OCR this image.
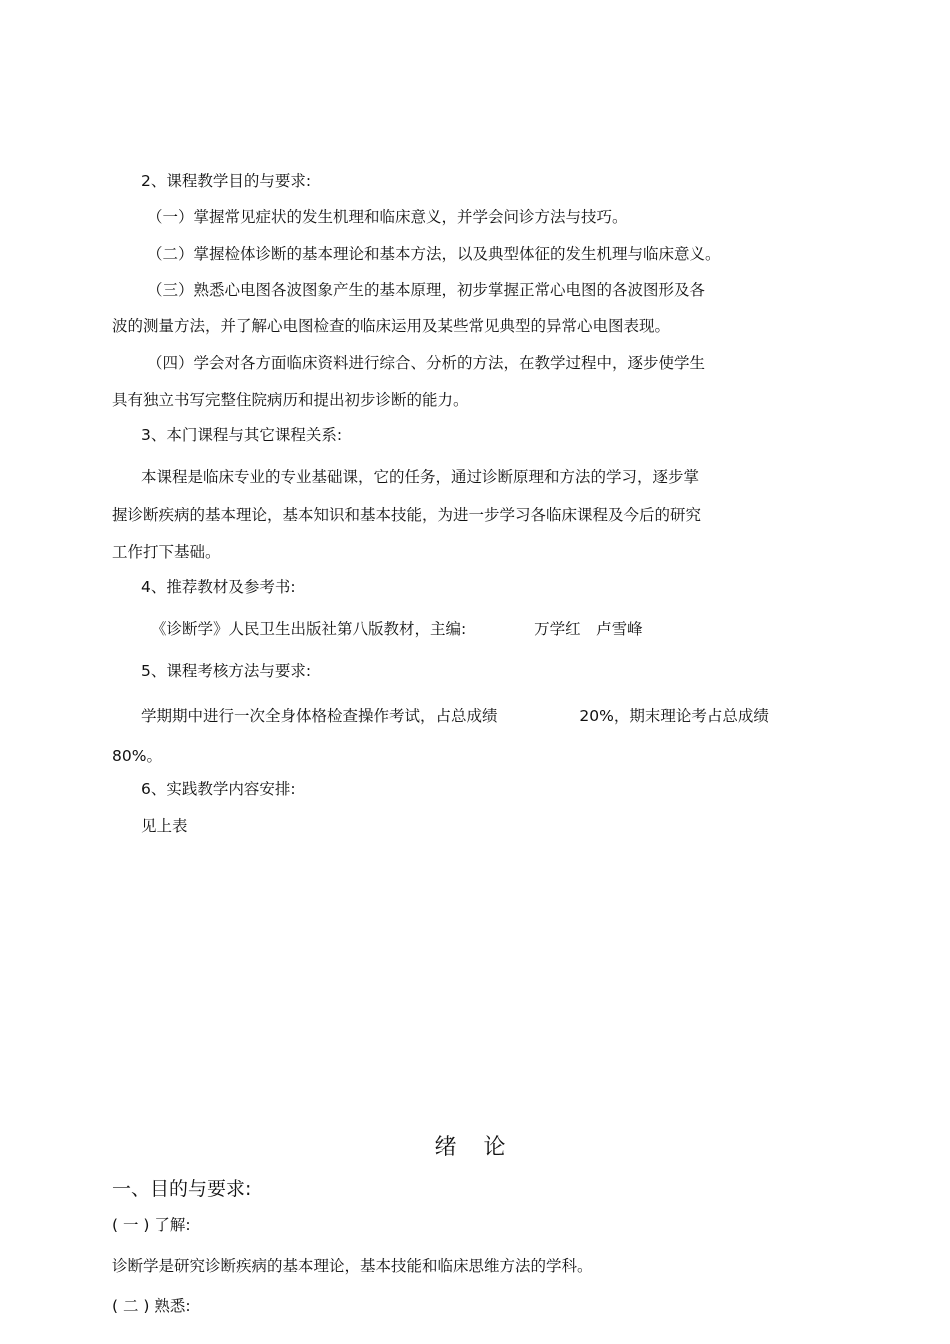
2、课程教学目的与要求:
（一）掌握常见症状的发生机理和临床意义，并学会问诊方法与技巧。
（二）掌握检体诊断的基本理论和基本方法，以及典型体征的发生机理与临床意义。
（三）熟悉心电图各波图象产生的基本原理，初步掌握正常心电图的各波图形及各
波的测量方法，并了解心电图检查的临床运用及某些常见典型的异常心电图表现。
（四）学会对各方面临床资料进行综合、分析的方法，在教学过程中，逐步使学生
具有独立书写完整住院病历和提出初步诊断的能力。
3、本门课程与其它课程关系:
本课程是临床专业的专业基础课，它的任务，通过诊断原理和方法的学习，逐步掌
握诊断疾病的基本理论，基本知识和基本技能，为进一步学习各临床课程及今后的研究
工作打下基础。
4、推荐教材及参考书:
《诊断学》人民卫生出版社第八版教材，主编:	万学红　卢雪峰
5、课程考核方法与要求:
学期期中进行一次全身体格检查操作考试，占总成绩	20%，期末理论考占总成绩
80%。
6、实践教学内容安排:
见上表
绪 论
一、目的与要求:
( 一 ) 了解:
诊断学是研究诊断疾病的基本理论，基本技能和临床思维方法的学科。
( 二 ) 熟悉:
